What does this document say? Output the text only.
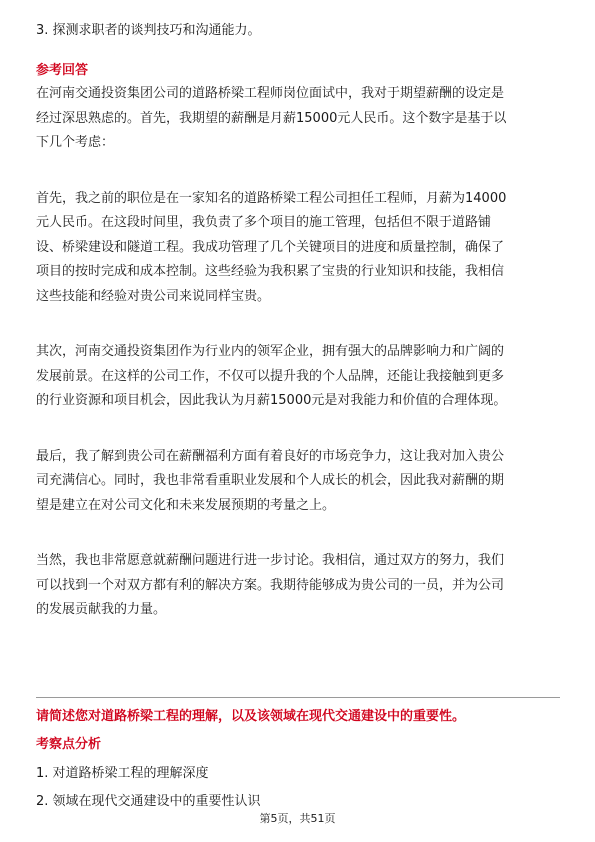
3. 探测求职者的谈判技巧和沟通能力。

参考回答

在河南交通投资集团公司的道路桥梁工程师岗位面试中，我对于期望薪酬的设定是

经过深思熟虑的。首先，我期望的薪酬是月薪15000元人民币。这个数字是基于以

下几个考虑：

首先，我之前的职位是在一家知名的道路桥梁工程公司担任工程师，月薪为14000

元人民币。在这段时间里，我负责了多个项目的施工管理，包括但不限于道路铺

设、桥梁建设和隧道工程。我成功管理了几个关键项目的进度和质量控制，确保了

项目的按时完成和成本控制。这些经验为我积累了宝贵的行业知识和技能，我相信

这些技能和经验对贵公司来说同样宝贵。

其次，河南交通投资集团作为行业内的领军企业，拥有强大的品牌影响力和广阔的

发展前景。在这样的公司工作，不仅可以提升我的个人品牌，还能让我接触到更多

的行业资源和项目机会，因此我认为月薪15000元是对我能力和价值的合理体现。

最后，我了解到贵公司在薪酬福利方面有着良好的市场竞争力，这让我对加入贵公

司充满信心。同时，我也非常看重职业发展和个人成长的机会，因此我对薪酬的期

望是建立在对公司文化和未来发展预期的考量之上。

当然，我也非常愿意就薪酬问题进行进一步讨论。我相信，通过双方的努力，我们

可以找到一个对双方都有利的解决方案。我期待能够成为贵公司的一员，并为公司

的发展贡献我的力量。

请简述您对道路桥梁工程的理解，以及该领域在现代交通建设中的重要性。

考察点分析

1. 对道路桥梁工程的理解深度

2. 领域在现代交通建设中的重要性认识

第5页，共51页
